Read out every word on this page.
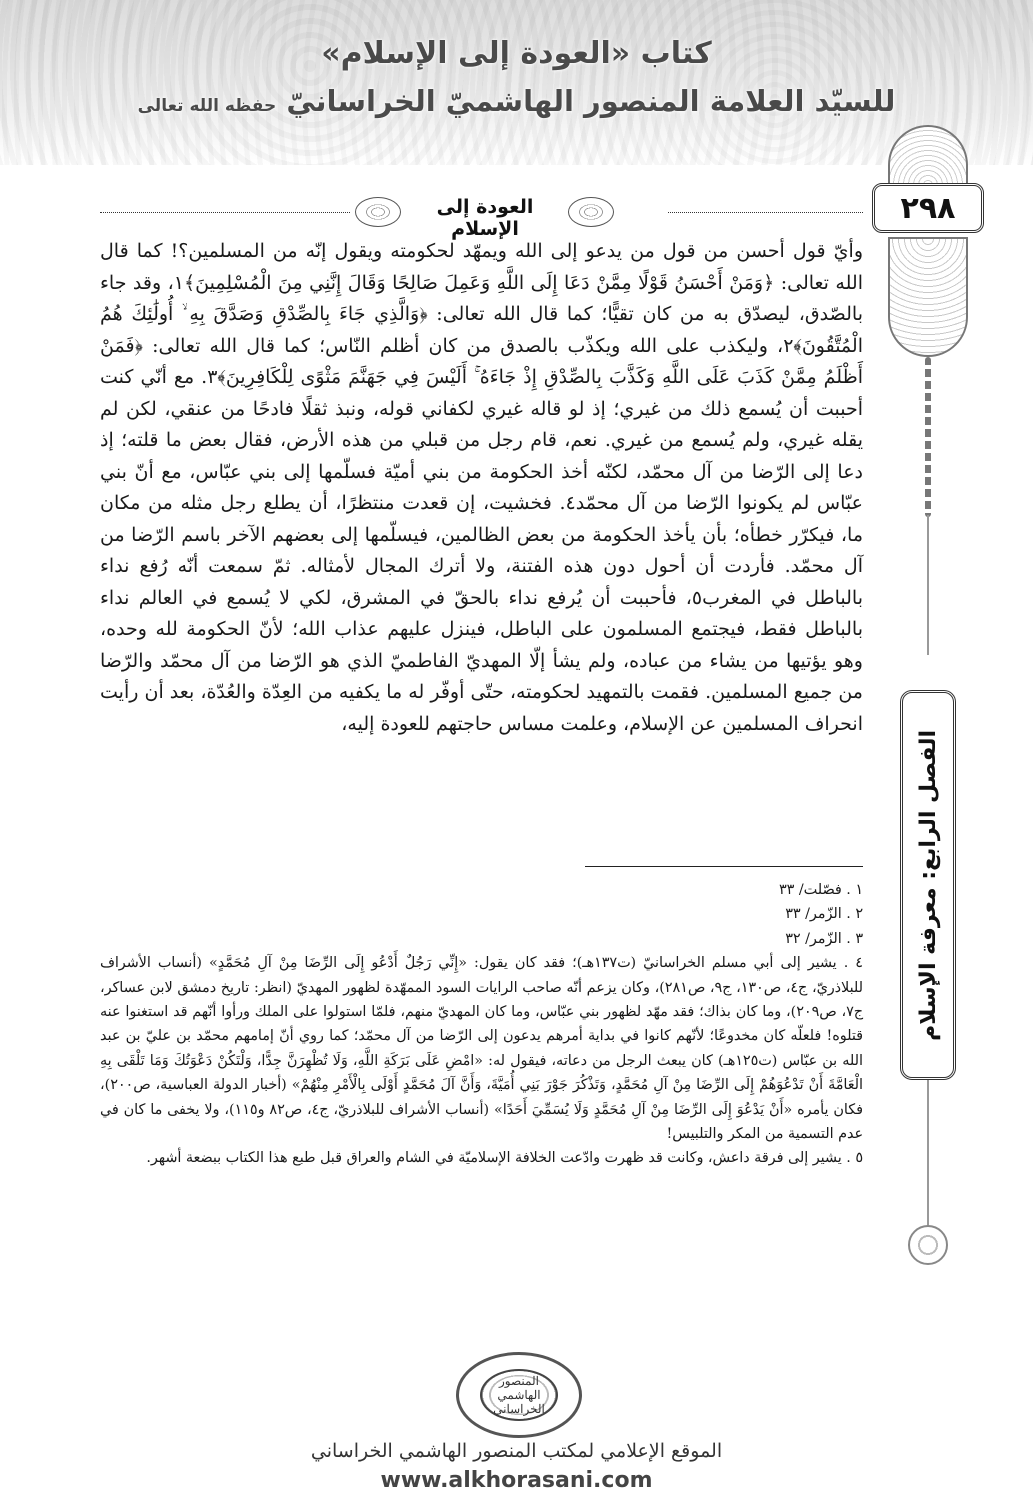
كتاب «العودة إلى الإسلام»
للسيّد العلامة المنصور الهاشميّ الخراسانيّ حفظه الله تعالى
٢٩٨
الفصل الرابع: معرفة الإسلام
العودة إلى الإسلام

وأيّ قول أحسن من قول من يدعو إلى الله ويمهّد لحكومته ويقول إنّه من المسلمين؟! كما قال الله تعالى: ﴿وَمَنْ أَحْسَنُ قَوْلًا مِمَّنْ دَعَا إِلَى اللَّهِ وَعَمِلَ صَالِحًا وَقَالَ إِنَّنِي مِنَ الْمُسْلِمِينَ﴾١، وقد جاء بالصّدق، ليصدّق به من كان تقيًّا؛ كما قال الله تعالى: ﴿وَالَّذِي جَاءَ بِالصِّدْقِ وَصَدَّقَ بِهِ ۙ أُولَٰئِكَ هُمُ الْمُتَّقُونَ﴾٢، وليكذب على الله ويكذّب بالصدق من كان أظلم النّاس؛ كما قال الله تعالى: ﴿فَمَنْ أَظْلَمُ مِمَّنْ كَذَبَ عَلَى اللَّهِ وَكَذَّبَ بِالصِّدْقِ إِذْ جَاءَهُ ۚ أَلَيْسَ فِي جَهَنَّمَ مَثْوًى لِلْكَافِرِينَ﴾٣. مع أنّي كنت أحببت أن يُسمع ذلك من غيري؛ إذ لو قاله غيري لكفاني قوله، ونبذ ثقلًا فادحًا من عنقي، لكن لم يقله غيري، ولم يُسمع من غيري. نعم، قام رجل من قبلي من هذه الأرض، فقال بعض ما قلته؛ إذ دعا إلى الرّضا من آل محمّد، لكنّه أخذ الحكومة من بني أميّة فسلّمها إلى بني عبّاس، مع أنّ بني عبّاس لم يكونوا الرّضا من آل محمّد٤. فخشيت، إن قعدت منتظرًا، أن يطلع رجل مثله من مكان ما، فيكرّر خطأه؛ بأن يأخذ الحكومة من بعض الظالمين، فيسلّمها إلى بعضهم الآخر باسم الرّضا من آل محمّد. فأردت أن أحول دون هذه الفتنة، ولا أترك المجال لأمثاله. ثمّ سمعت أنّه رُفع نداء بالباطل في المغرب٥، فأحببت أن يُرفع نداء بالحقّ في المشرق، لكي لا يُسمع في العالم نداء بالباطل فقط، فيجتمع المسلمون على الباطل، فينزل عليهم عذاب الله؛ لأنّ الحكومة لله وحده، وهو يؤتيها من يشاء من عباده، ولم يشأ إلّا المهديّ الفاطميّ الذي هو الرّضا من آل محمّد والرّضا من جميع المسلمين. فقمت بالتمهيد لحكومته، حتّى أوفّر له ما يكفيه من العِدّة والعُدّة، بعد أن رأيت انحراف المسلمين عن الإسلام، وعلمت مساس حاجتهم للعودة إليه،

١ . فصّلت/ ٣٣

٢ . الزّمر/ ٣٣

٣ . الزّمر/ ٣٢

٤ . يشير إلى أبي مسلم الخراسانيّ (ت١٣٧هـ)؛ فقد كان يقول: «إِنِّي رَجُلٌ أَدْعُو إِلَى الرِّضَا مِنْ آلِ مُحَمَّدٍ» (أنساب الأشراف للبلاذريّ، ج٤، ص١٣٠، ج٩، ص٢٨١)، وكان يزعم أنّه صاحب الرايات السود الممهّدة لظهور المهديّ (انظر: تاريخ دمشق لابن عساكر، ج٧، ص٢٠٩)، وما كان بذاك؛ فقد مهّد لظهور بني عبّاس، وما كان المهديّ منهم، فلمّا استولوا على الملك ورأوا أنّهم قد استغنوا عنه قتلوه! فلعلّه كان مخدوعًا؛ لأنّهم كانوا في بداية أمرهم يدعون إلى الرّضا من آل محمّد؛ كما روي أنّ إمامهم محمّد بن عليّ بن عبد الله بن عبّاس (ت١٢٥هـ) كان يبعث الرجل من دعاته، فيقول له: «امْضِ عَلَى بَرَكَةِ اللَّهِ، وَلَا تُظْهِرَنَّ جِدًّا، وَلْتَكُنْ دَعْوَتُكَ وَمَا تَلْقَى بِهِ الْعَامَّةَ أَنْ تَدْعُوَهُمْ إِلَى الرِّضَا مِنْ آلِ مُحَمَّدٍ، وَتَذْكُرَ جَوْرَ بَنِي أُمَيَّةَ، وَأَنَّ آلَ مُحَمَّدٍ أَوْلَى بِالْأَمْرِ مِنْهُمْ» (أخبار الدولة العباسية، ص٢٠٠)، فكان يأمره «أَنْ يَدْعُوَ إِلَى الرِّضَا مِنْ آلِ مُحَمَّدٍ وَلَا يُسَمِّيَ أَحَدًا» (أنساب الأشراف للبلاذريّ، ج٤، ص٨٢ و١١٥)، ولا يخفى ما كان في عدم التسمية من المكر والتلبيس!

٥ . يشير إلى فرقة داعش، وكانت قد ظهرت وادّعت الخلافة الإسلاميّة في الشام والعراق قبل طبع هذا الكتاب ببضعة أشهر.

المنصور الهاشمي الخراساني
الموقع الإعلامي لمكتب المنصور الهاشمي الخراساني
www.alkhorasani.com
